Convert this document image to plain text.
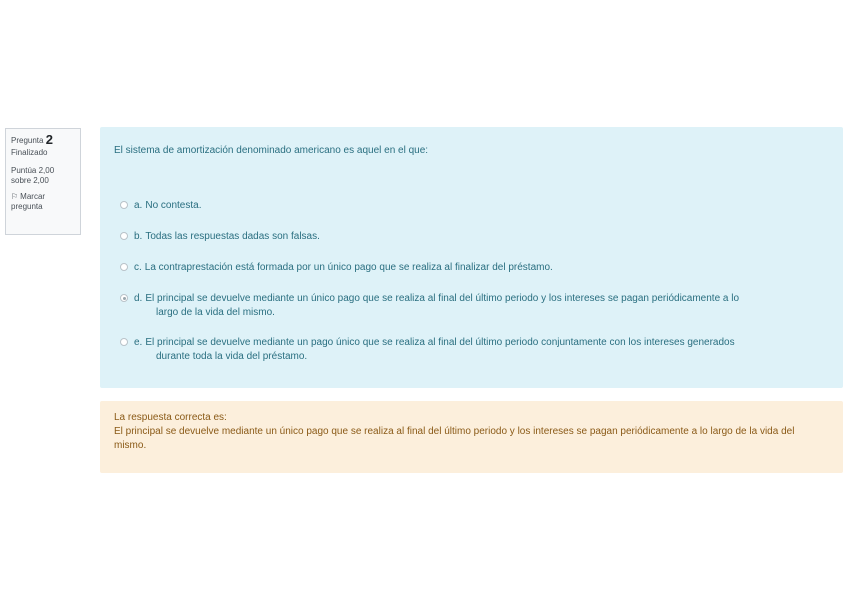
Pregunta 2
Finalizado
Puntúa 2,00
sobre 2,00
⚐ Marcar
pregunta
El sistema de amortización denominado americano es aquel en el que:
a. No contesta.
b. Todas las respuestas dadas son falsas.
c. La contraprestación está formada por un único pago que se realiza al finalizar del préstamo.
d. El principal se devuelve mediante un único pago que se realiza al final del último periodo y los intereses se pagan periódicamente a lo
largo de la vida del mismo.
e. El principal se devuelve mediante un pago único que se realiza al final del último periodo conjuntamente con los intereses generados
durante toda la vida del préstamo.
La respuesta correcta es:
El principal se devuelve mediante un único pago que se realiza al final del último periodo y los intereses se pagan periódicamente a lo largo de la vida del mismo.
